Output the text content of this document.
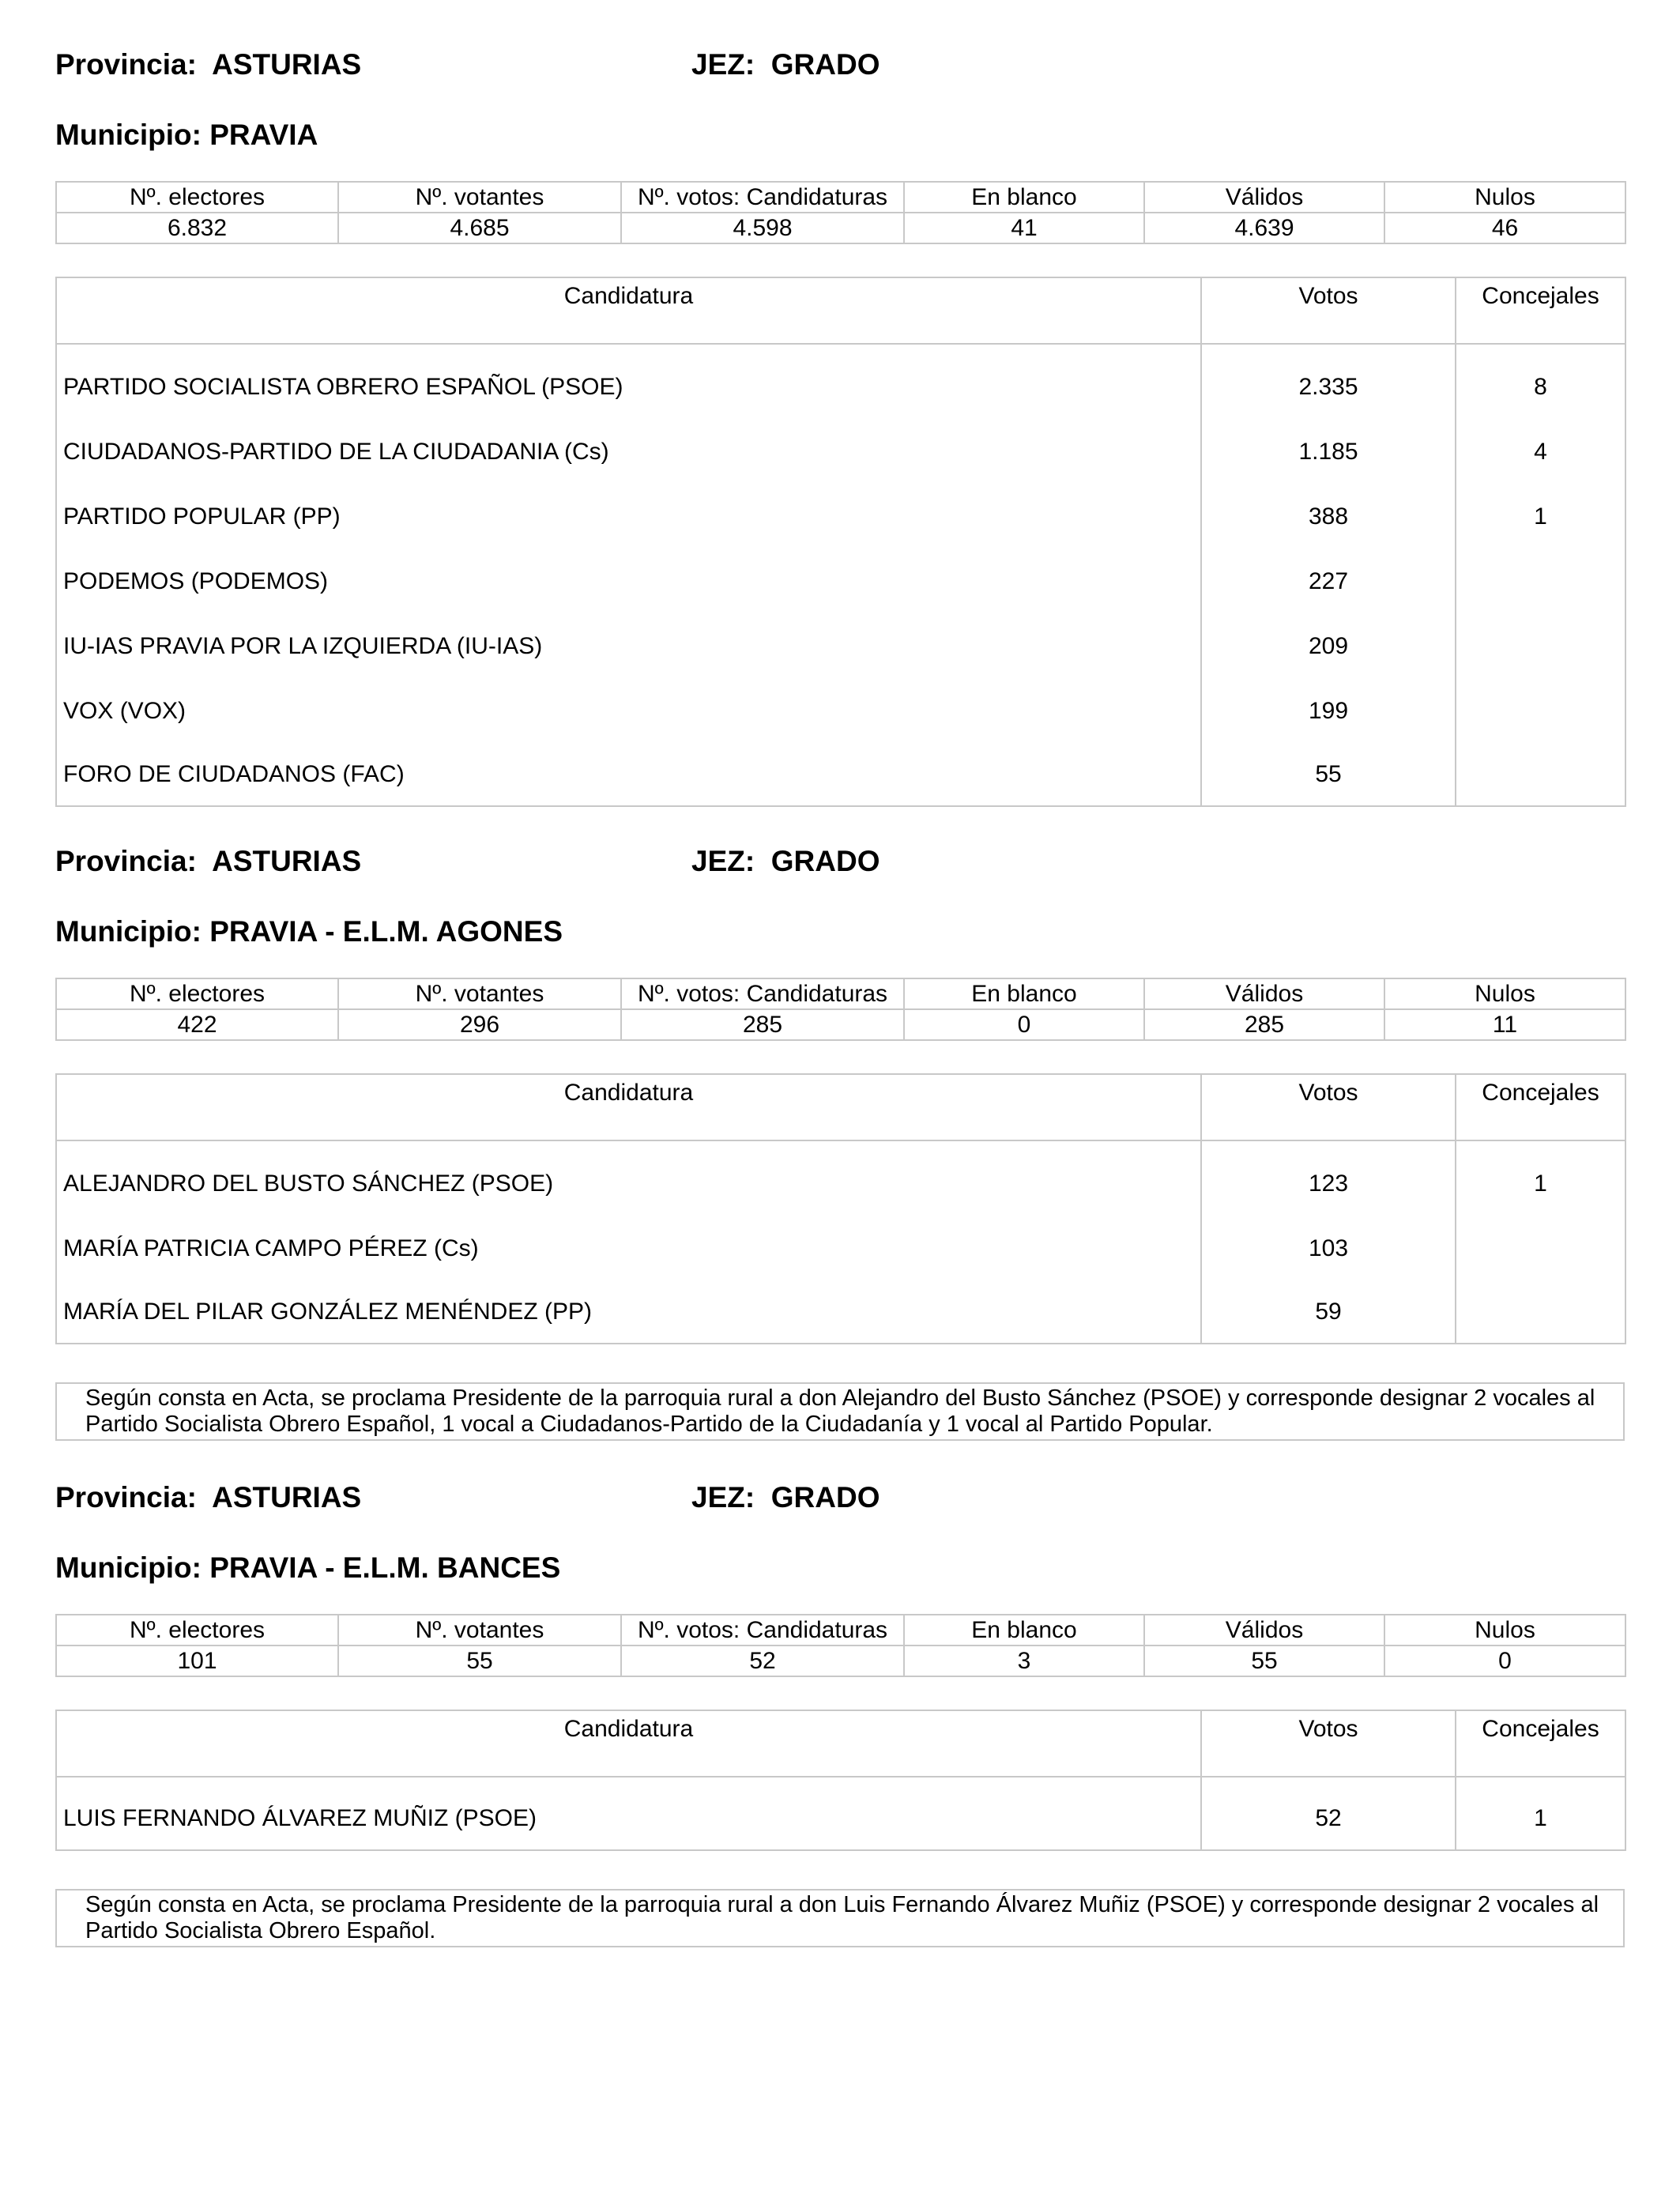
Provincia: ASTURIAS	JEZ: GRADO
Municipio: PRAVIA
Nº. electores	Nº. votantes	Nº. votos: Candidaturas	En blanco	Válidos	Nulos
6.832	4.685	4.598	41	4.639	46
Candidatura	Votos	Concejales
PARTIDO SOCIALISTA OBRERO ESPAÑOL (PSOE)	2.335	8
CIUDADANOS-PARTIDO DE LA CIUDADANIA (Cs)	1.185	4
PARTIDO POPULAR (PP)	388	1
PODEMOS (PODEMOS)	227	
IU-IAS PRAVIA POR LA IZQUIERDA (IU-IAS)	209	
VOX (VOX)	199	
FORO DE CIUDADANOS (FAC)	55	
Provincia: ASTURIAS	JEZ: GRADO
Municipio: PRAVIA - E.L.M. AGONES
Nº. electores	Nº. votantes	Nº. votos: Candidaturas	En blanco	Válidos	Nulos
422	296	285	0	285	11
Candidatura	Votos	Concejales
ALEJANDRO DEL BUSTO SÁNCHEZ (PSOE)	123	1
MARÍA PATRICIA CAMPO PÉREZ (Cs)	103	
MARÍA DEL PILAR GONZÁLEZ MENÉNDEZ (PP)	59	
Según consta en Acta, se proclama Presidente de la parroquia rural a don Alejandro del Busto Sánchez (PSOE) y corresponde designar 2 vocales al Partido Socialista Obrero Español, 1 vocal a Ciudadanos-Partido de la Ciudadanía y 1 vocal al Partido Popular.
Provincia: ASTURIAS	JEZ: GRADO
Municipio: PRAVIA - E.L.M. BANCES
Nº. electores	Nº. votantes	Nº. votos: Candidaturas	En blanco	Válidos	Nulos
101	55	52	3	55	0
Candidatura	Votos	Concejales
LUIS FERNANDO ÁLVAREZ MUÑIZ (PSOE)	52	1
Según consta en Acta, se proclama Presidente de la parroquia rural a don Luis Fernando Álvarez Muñiz (PSOE) y corresponde designar 2 vocales al Partido Socialista Obrero Español.
